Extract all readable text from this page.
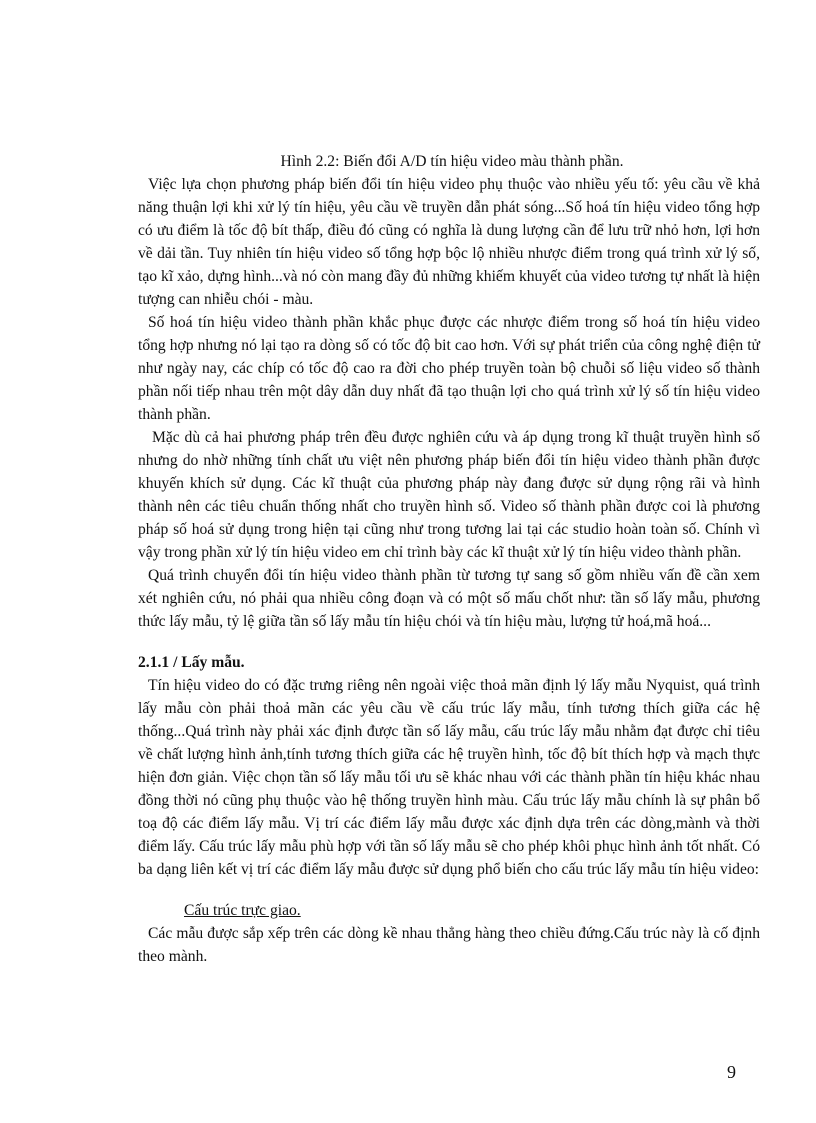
Hình 2.2: Biến đổi A/D tín hiệu video màu thành phần.

Việc lựa chọn phương pháp biến đổi tín hiệu video phụ thuộc vào nhiều yếu tố: yêu cầu về khả năng thuận lợi khi xử lý tín hiệu, yêu cầu về truyền dẫn phát sóng...Số hoá tín hiệu video tổng hợp có ưu điểm là tốc độ bít thấp, điều đó cũng có nghĩa là dung lượng cần để lưu trữ nhỏ hơn, lợi hơn về dải tần. Tuy nhiên tín hiệu video số tổng hợp bộc lộ nhiều nhược điểm trong quá trình xử lý số, tạo kĩ xảo, dựng hình...và nó còn mang đầy đủ những khiếm khuyết của video tương tự nhất là hiện tượng can nhiễu chói - màu.

Số hoá tín hiệu video thành phần khắc phục được các nhược điểm trong số hoá tín hiệu video tổng hợp nhưng nó lại tạo ra dòng số có tốc độ bit cao hơn. Với sự phát triển của công nghệ điện tử như ngày nay, các chíp có tốc độ cao ra đời cho phép truyền toàn bộ chuỗi số liệu video số thành phần nối tiếp nhau trên một dây dẫn duy nhất đã tạo thuận lợi cho quá trình xử lý số tín hiệu video thành phần.

Mặc dù cả hai phương pháp trên đều được nghiên cứu và áp dụng trong kĩ thuật truyền hình số nhưng do nhờ những tính chất ưu việt nên phương pháp biến đổi tín hiệu video thành phần được khuyến khích sử dụng. Các kĩ thuật của phương pháp này đang được sử dụng rộng rãi và hình thành nên các tiêu chuẩn thống nhất cho truyền hình số. Video số thành phần được coi là phương pháp số hoá sử dụng trong hiện tại cũng như trong tương lai tại các studio hoàn toàn số. Chính vì vậy trong phần xử lý tín hiệu video em chỉ trình bày các kĩ thuật xử lý tín hiệu video thành phần.

Quá trình chuyển đổi tín hiệu video thành phần từ tương tự sang số gồm nhiều vấn đề cần xem xét nghiên cứu, nó phải qua nhiều công đoạn và có một số mấu chốt như: tần số lấy mẫu, phương thức lấy mẫu, tỷ lệ giữa tần số lấy mẫu tín hiệu chói và tín hiệu màu, lượng tử hoá,mã hoá...

2.1.1 / Lấy mẫu.

Tín hiệu video do có đặc trưng riêng nên ngoài việc thoả mãn định lý lấy mẫu Nyquist, quá trình lấy mẫu còn phải thoả mãn các yêu cầu về cấu trúc lấy mẫu, tính tương thích giữa các hệ thống...Quá trình này phải xác định được tần số lấy mẫu, cấu trúc lấy mẫu nhằm đạt được chỉ tiêu về chất lượng hình ảnh,tính tương thích giữa các hệ truyền hình, tốc độ bít thích hợp và mạch thực hiện đơn giản. Việc chọn tần số lấy mẫu tối ưu sẽ khác nhau với các thành phần tín hiệu khác nhau đồng thời nó cũng phụ thuộc vào hệ thống truyền hình màu. Cấu trúc lấy mẫu chính là sự phân bổ toạ độ các điểm lấy mẫu. Vị trí các điểm lấy mẫu được xác định dựa trên các dòng,mành và thời điểm lấy. Cấu trúc lấy mẫu phù hợp với tần số lấy mẫu sẽ cho phép khôi phục hình ảnh tốt nhất. Có ba dạng liên kết vị trí các điểm lấy mẫu được sử dụng phổ biến cho cấu trúc lấy mẫu tín hiệu video:

Cấu trúc trực giao.

Các mẫu được sắp xếp trên các dòng kề nhau thẳng hàng theo chiều đứng.Cấu trúc này là cố định theo mành.

9
